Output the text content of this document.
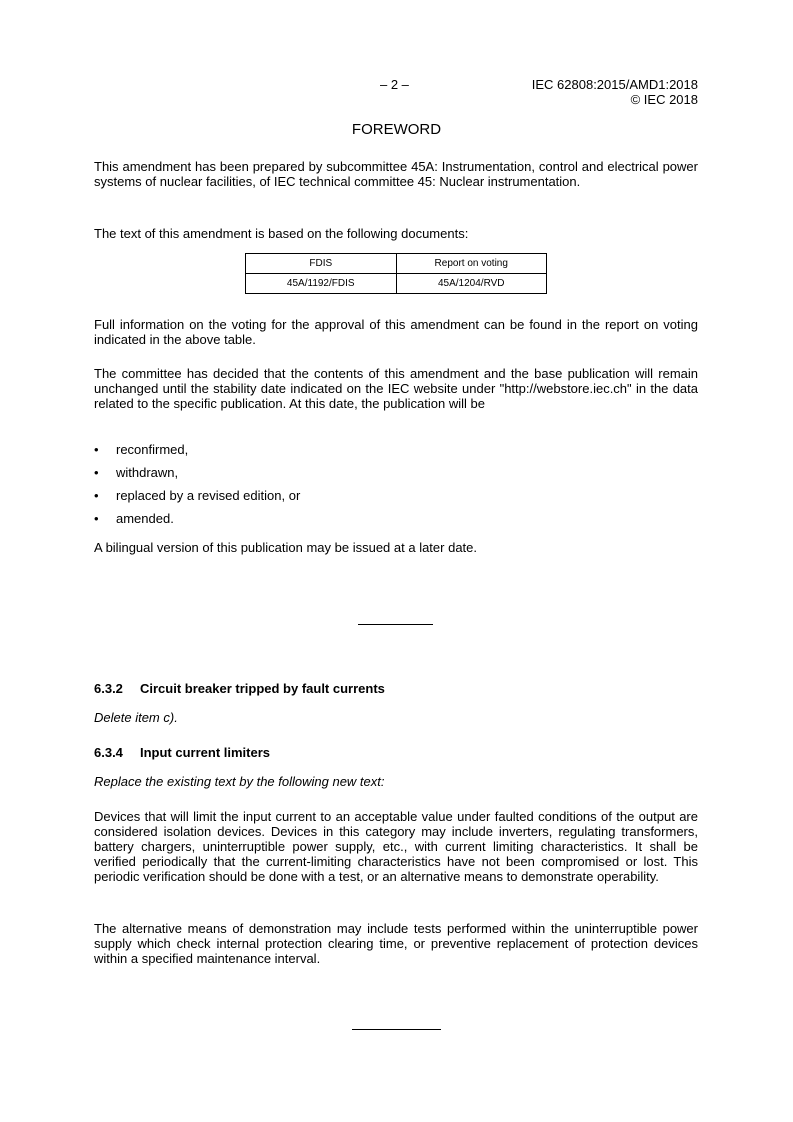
– 2 –	IEC 62808:2015/AMD1:2018
© IEC 2018
FOREWORD
This amendment has been prepared by subcommittee 45A: Instrumentation, control and electrical power systems of nuclear facilities, of IEC technical committee 45: Nuclear instrumentation.
The text of this amendment is based on the following documents:
FDIS	Report on voting
45A/1192/FDIS	45A/1204/RVD
Full information on the voting for the approval of this amendment can be found in the report on voting indicated in the above table.
The committee has decided that the contents of this amendment and the base publication will remain unchanged until the stability date indicated on the IEC website under "http://webstore.iec.ch" in the data related to the specific publication. At this date, the publication will be
• reconfirmed,
• withdrawn,
• replaced by a revised edition, or
• amended.
A bilingual version of this publication may be issued at a later date.
6.3.2 Circuit breaker tripped by fault currents
Delete item c).
6.3.4 Input current limiters
Replace the existing text by the following new text:
Devices that will limit the input current to an acceptable value under faulted conditions of the output are considered isolation devices. Devices in this category may include inverters, regulating transformers, battery chargers, uninterruptible power supply, etc., with current limiting characteristics. It shall be verified periodically that the current-limiting characteristics have not been compromised or lost. This periodic verification should be done with a test, or an alternative means to demonstrate operability.
The alternative means of demonstration may include tests performed within the uninterruptible power supply which check internal protection clearing time, or preventive replacement of protection devices within a specified maintenance interval.
